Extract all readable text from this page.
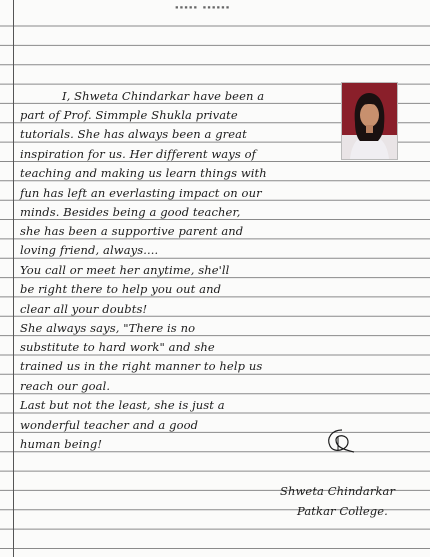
▪▪▪▪▪ ▪▪▪▪▪▪
I, Shweta Chindarkar have been a
part of Prof. Simmple Shukla private
tutorials. She has always been a great
inspiration for us. Her different ways of
teaching and making us learn things with
fun has left an everlasting impact on our
minds. Besides being a good teacher,
she has been a supportive parent and
loving friend, always....
You call or meet her anytime, she'll
be right there to help you out and
clear all your doubts!
She always says, "There is no
substitute to hard work" and she
trained us in the right manner to help us
reach our goal.
Last but not the least, she is just a
wonderful teacher and a good
human being!
Shweta Chindarkar
Patkar College.
